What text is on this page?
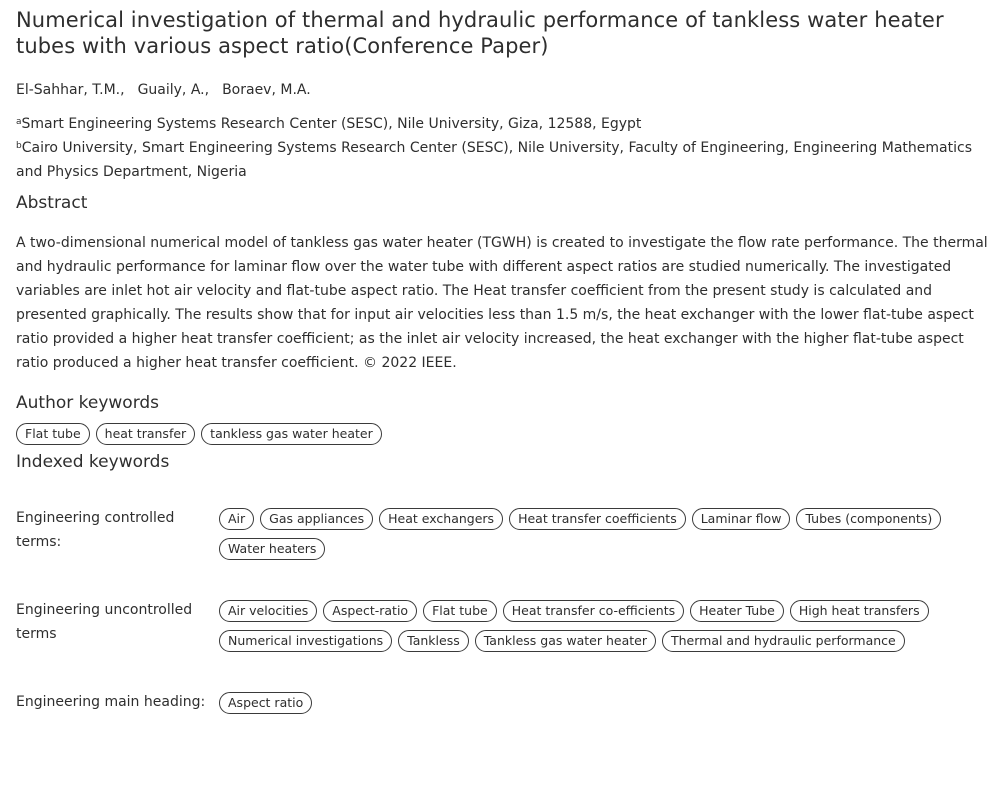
Numerical investigation of thermal and hydraulic performance of tankless water heater tubes with various aspect ratio(Conference Paper)
El-Sahhar, T.M., Guaily, A., Boraev, M.A.
$^a$Smart Engineering Systems Research Center (SESC), Nile University, Giza, 12588, Egypt
$^b$Cairo University, Smart Engineering Systems Research Center (SESC), Nile University, Faculty of Engineering, Engineering Mathematics and Physics Department, Nigeria
Abstract
A two-dimensional numerical model of tankless gas water heater (TGWH) is created to investigate the flow rate performance. The thermal and hydraulic performance for laminar flow over the water tube with different aspect ratios are studied numerically. The investigated variables are inlet hot air velocity and flat-tube aspect ratio. The Heat transfer coefficient from the present study is calculated and presented graphically. The results show that for input air velocities less than 1.5 m/s, the heat exchanger with the lower flat-tube aspect ratio provided a higher heat transfer coefficient; as the inlet air velocity increased, the heat exchanger with the higher flat-tube aspect ratio produced a higher heat transfer coefficient. © 2022 IEEE.
Author keywords
Flat tube	heat transfer	tankless gas water heater
Indexed keywords
Engineering controlled terms:
Air	Gas appliances	Heat exchangers	Heat transfer coefficients	Laminar flow	Tubes (components)
Water heaters
Engineering uncontrolled terms
Air velocities	Aspect-ratio	Flat tube	Heat transfer co-efficients	Heater Tube	High heat transfers
Numerical investigations	Tankless	Tankless gas water heater	Thermal and hydraulic performance
Engineering main heading:	Aspect ratio
